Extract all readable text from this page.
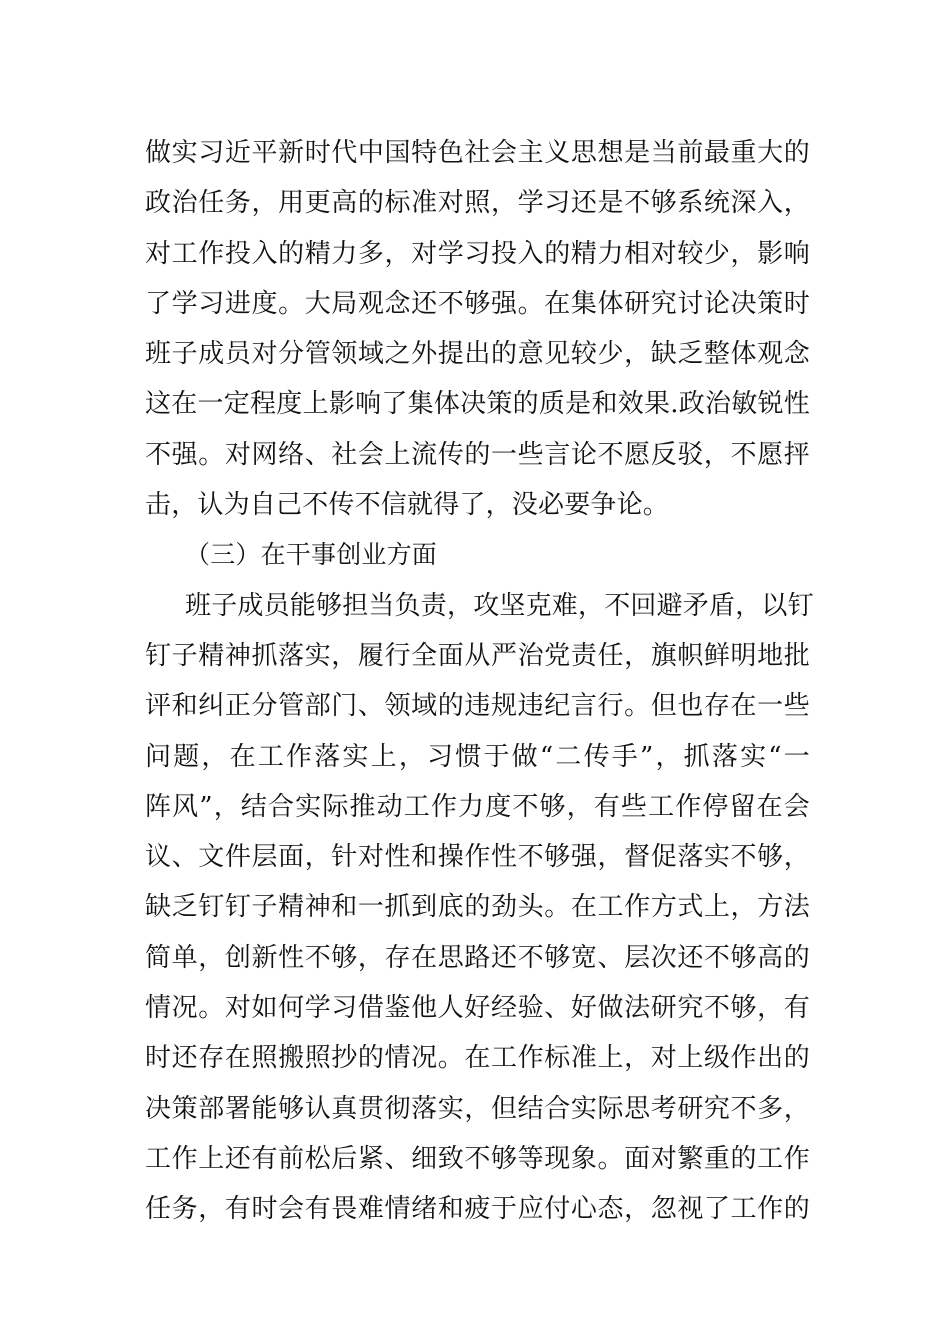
做实习近平新时代中国特色社会主义思想是当前最重大的
政治任务，用更高的标准对照，学习还是不够系统深入，
对工作投入的精力多，对学习投入的精力相对较少，影响
了学习进度。大局观念还不够强。在集体研究讨论决策时
班子成员对分管领域之外提出的意见较少，缺乏整体观念
这在一定程度上影响了集体决策的质是和效果.政治敏锐性
不强。对网络、社会上流传的一些言论不愿反驳，不愿抨
击，认为自己不传不信就得了，没必要争论。
（三）在干事创业方面
班子成员能够担当负责，攻坚克难，不回避矛盾，以钉
钉子精神抓落实，履行全面从严治党责任，旗帜鲜明地批
评和纠正分管部门、领域的违规违纪言行。但也存在一些
问题，在工作落实上，习惯于做“二传手”，抓落实“一
阵风”，结合实际推动工作力度不够，有些工作停留在会
议、文件层面，针对性和操作性不够强，督促落实不够，
缺乏钉钉子精神和一抓到底的劲头。在工作方式上，方法
简单，创新性不够，存在思路还不够宽、层次还不够高的
情况。对如何学习借鉴他人好经验、好做法研究不够，有
时还存在照搬照抄的情况。在工作标准上，对上级作出的
决策部署能够认真贯彻落实，但结合实际思考研究不多，
工作上还有前松后紧、细致不够等现象。面对繁重的工作
任务，有时会有畏难情绪和疲于应付心态，忽视了工作的
